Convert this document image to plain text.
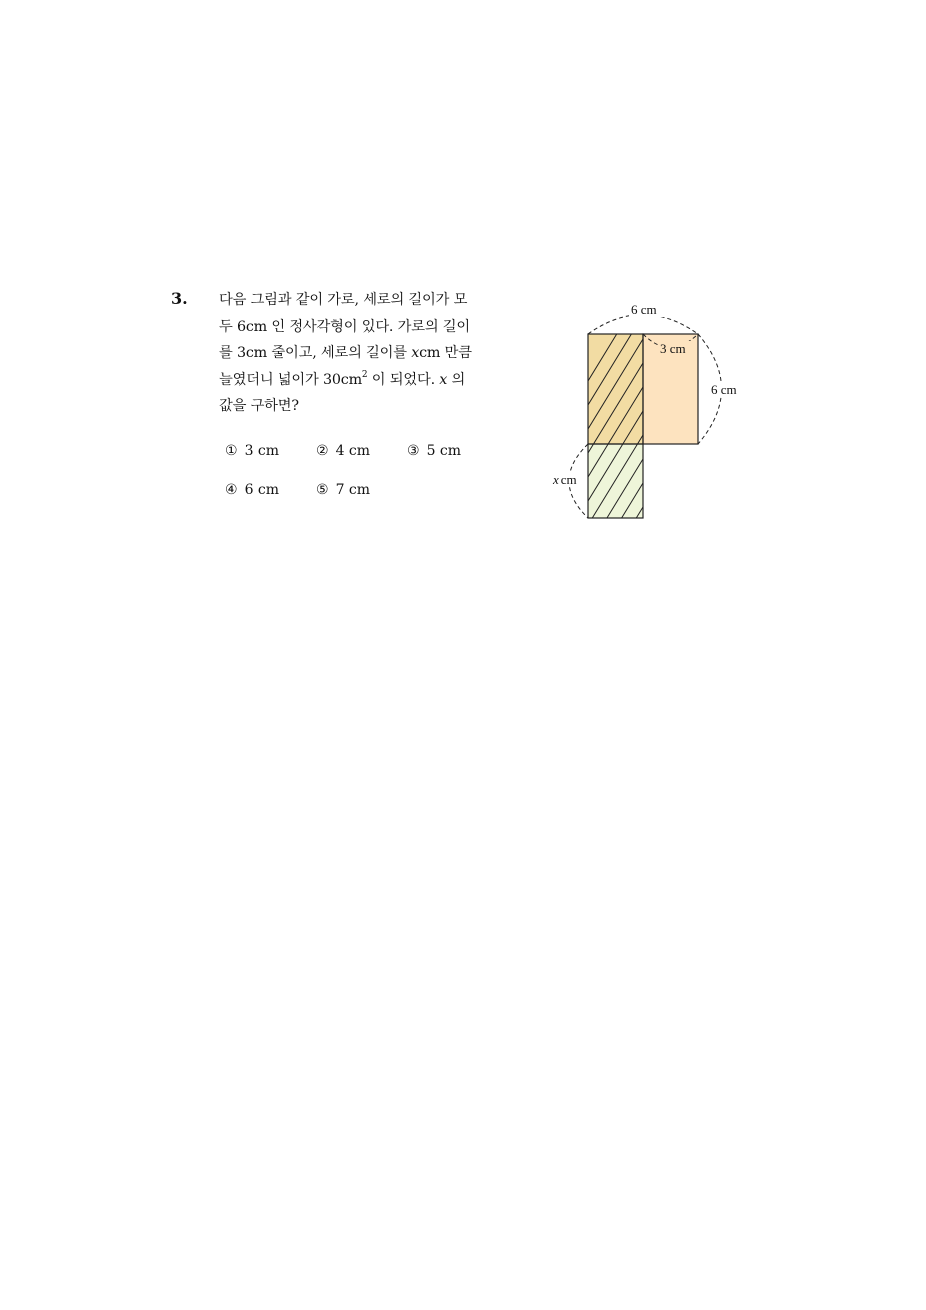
3. 다음 그림과 같이 가로, 세로의 길이가 모
두 6cm 인 정사각형이 있다. 가로의 길이
를 3cm 줄이고, 세로의 길이를 xcm 만큼
늘였더니 넓이가 $30cm^2$ 이 되었다. x 의
값을 구하면?
① 3 cm	② 4 cm	③ 5 cm
④ 6 cm	⑤ 7 cm
6 cm
3 cm
6 cm
x cm
